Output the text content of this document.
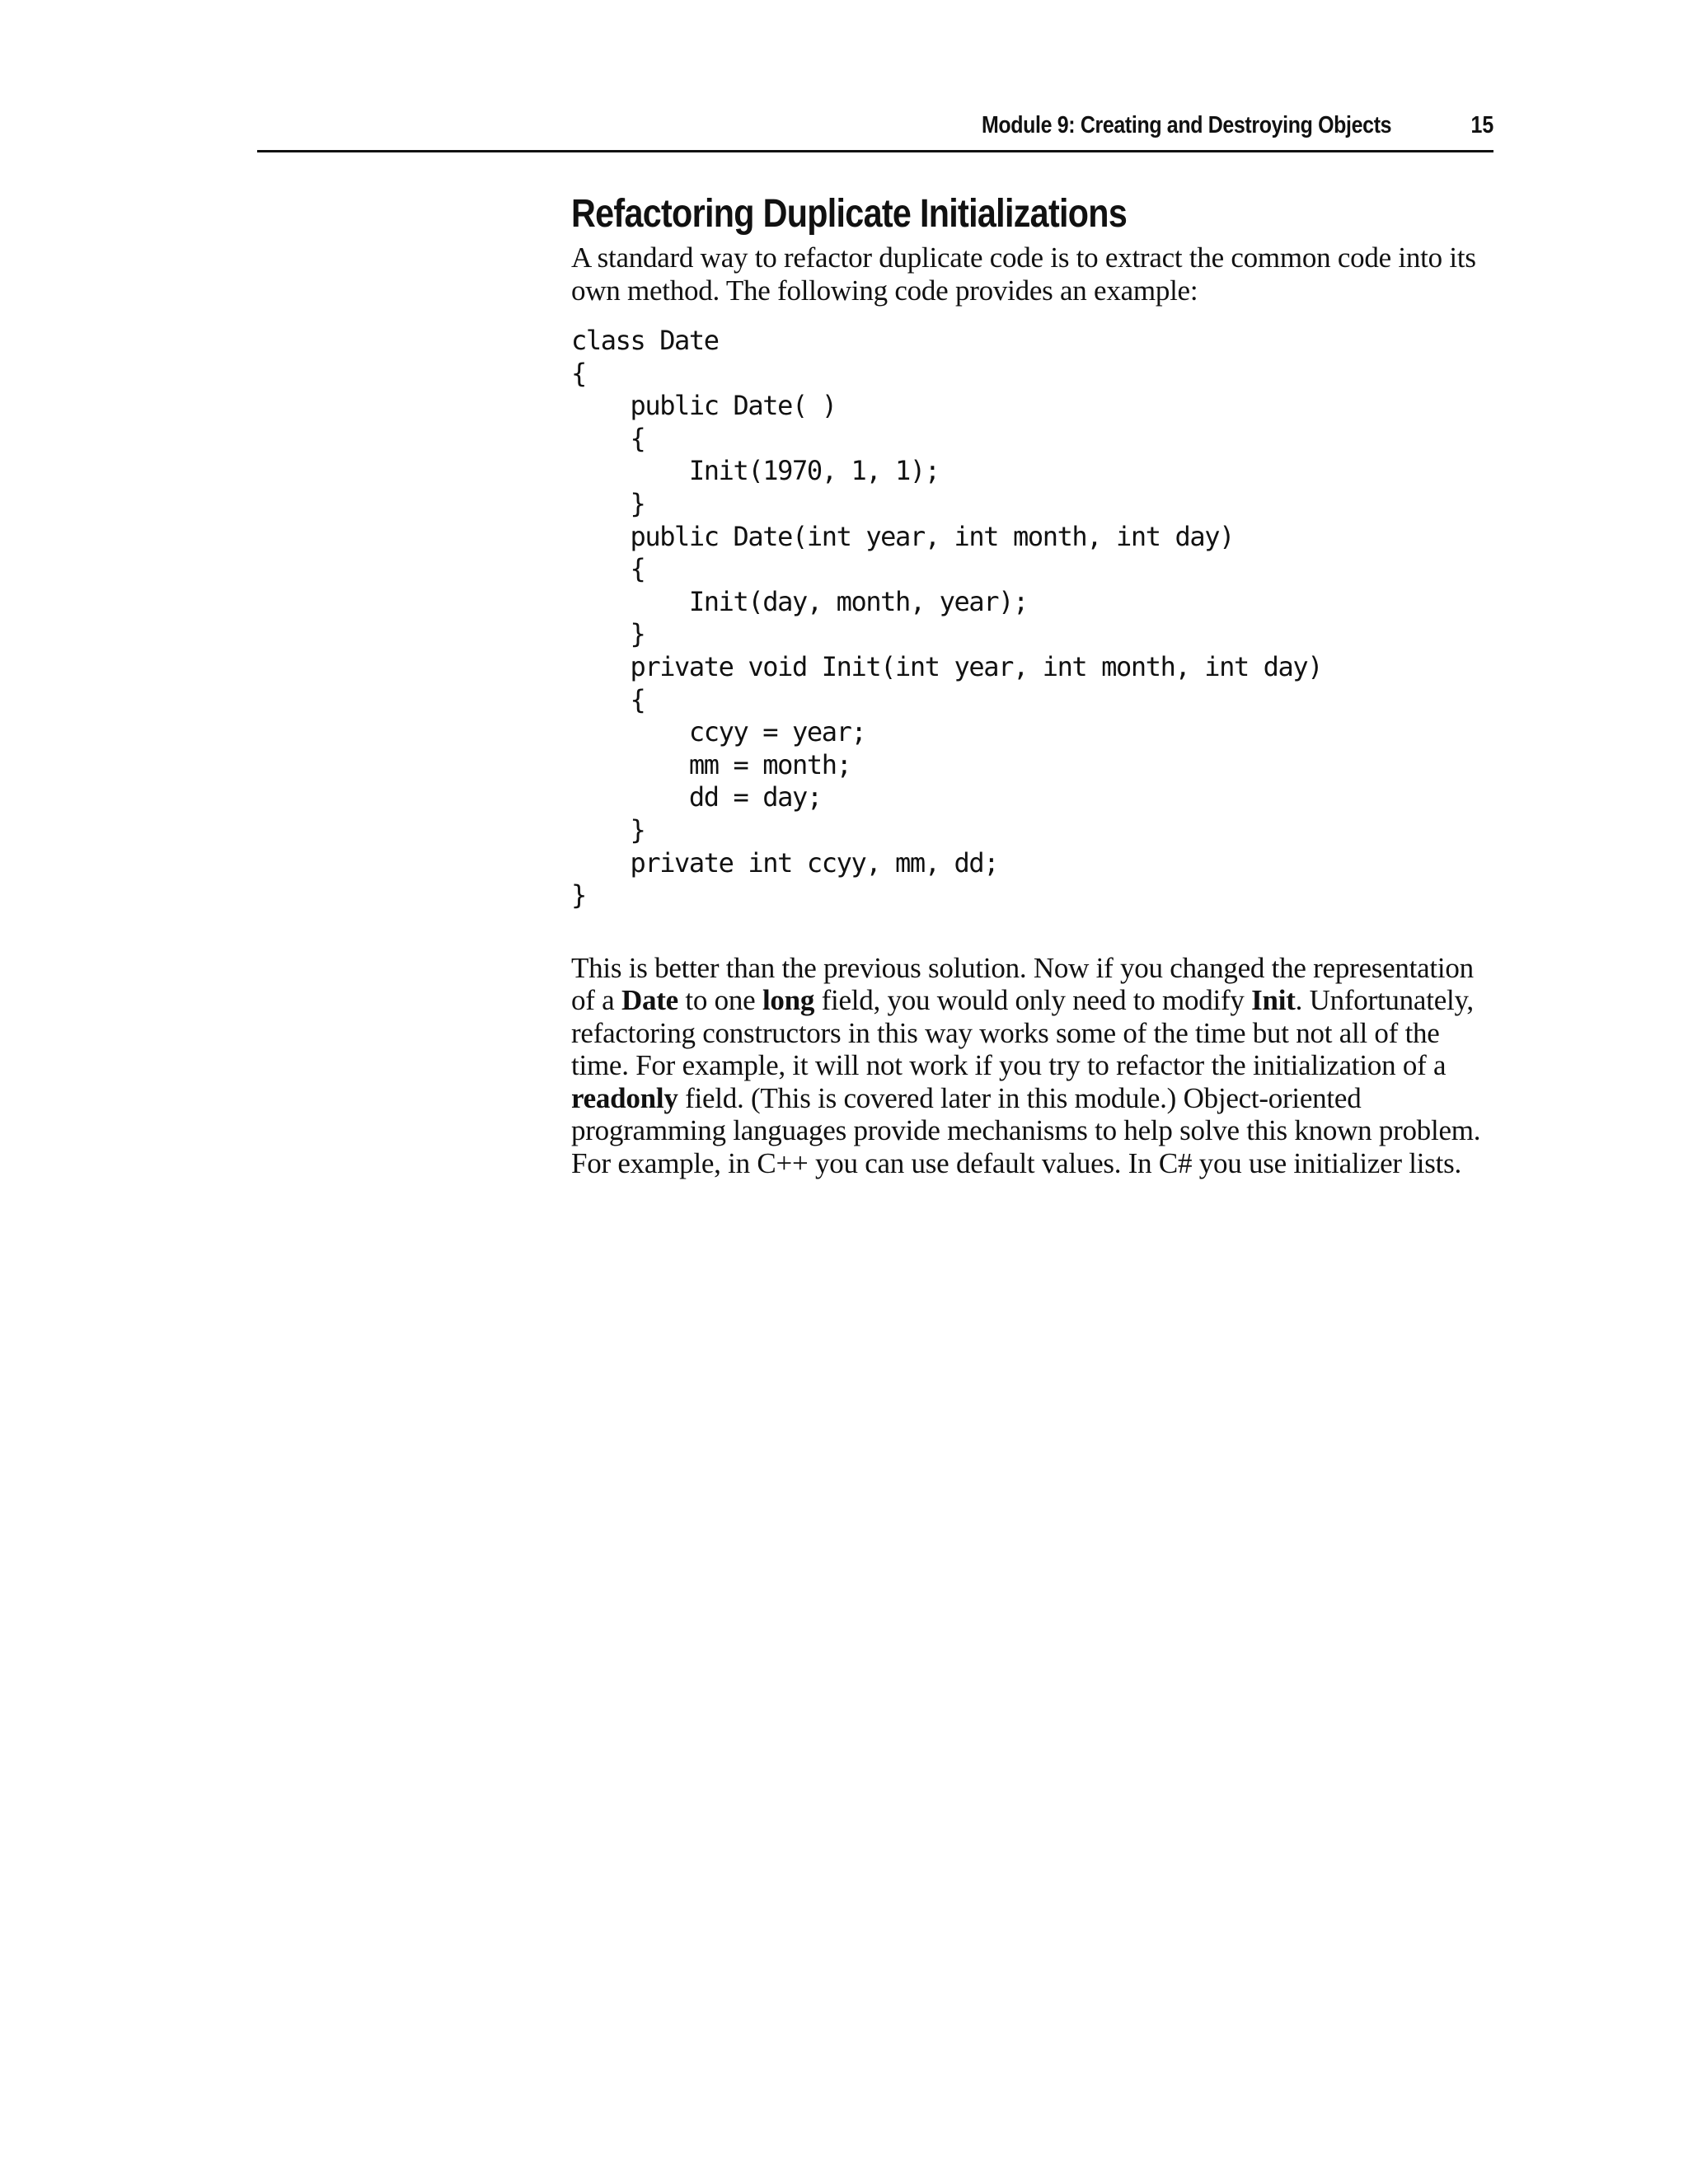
Module 9: Creating and Destroying Objects	15
Refactoring Duplicate Initializations

A standard way to refactor duplicate code is to extract the common code into its own method. The following code provides an example:

class Date
{
public Date( )
{
Init(1970, 1, 1);
}
public Date(int year, int month, int day)
{
Init(day, month, year);
}
private void Init(int year, int month, int day)
{
ccyy = year;
mm = month;
dd = day;
}
private int ccyy, mm, dd;
}

This is better than the previous solution. Now if you changed the representation of a Date to one long field, you would only need to modify Init. Unfortunately, refactoring constructors in this way works some of the time but not all of the time. For example, it will not work if you try to refactor the initialization of a readonly field. (This is covered later in this module.) Object-oriented programming languages provide mechanisms to help solve this known problem. For example, in C++ you can use default values. In C# you use initializer lists.
